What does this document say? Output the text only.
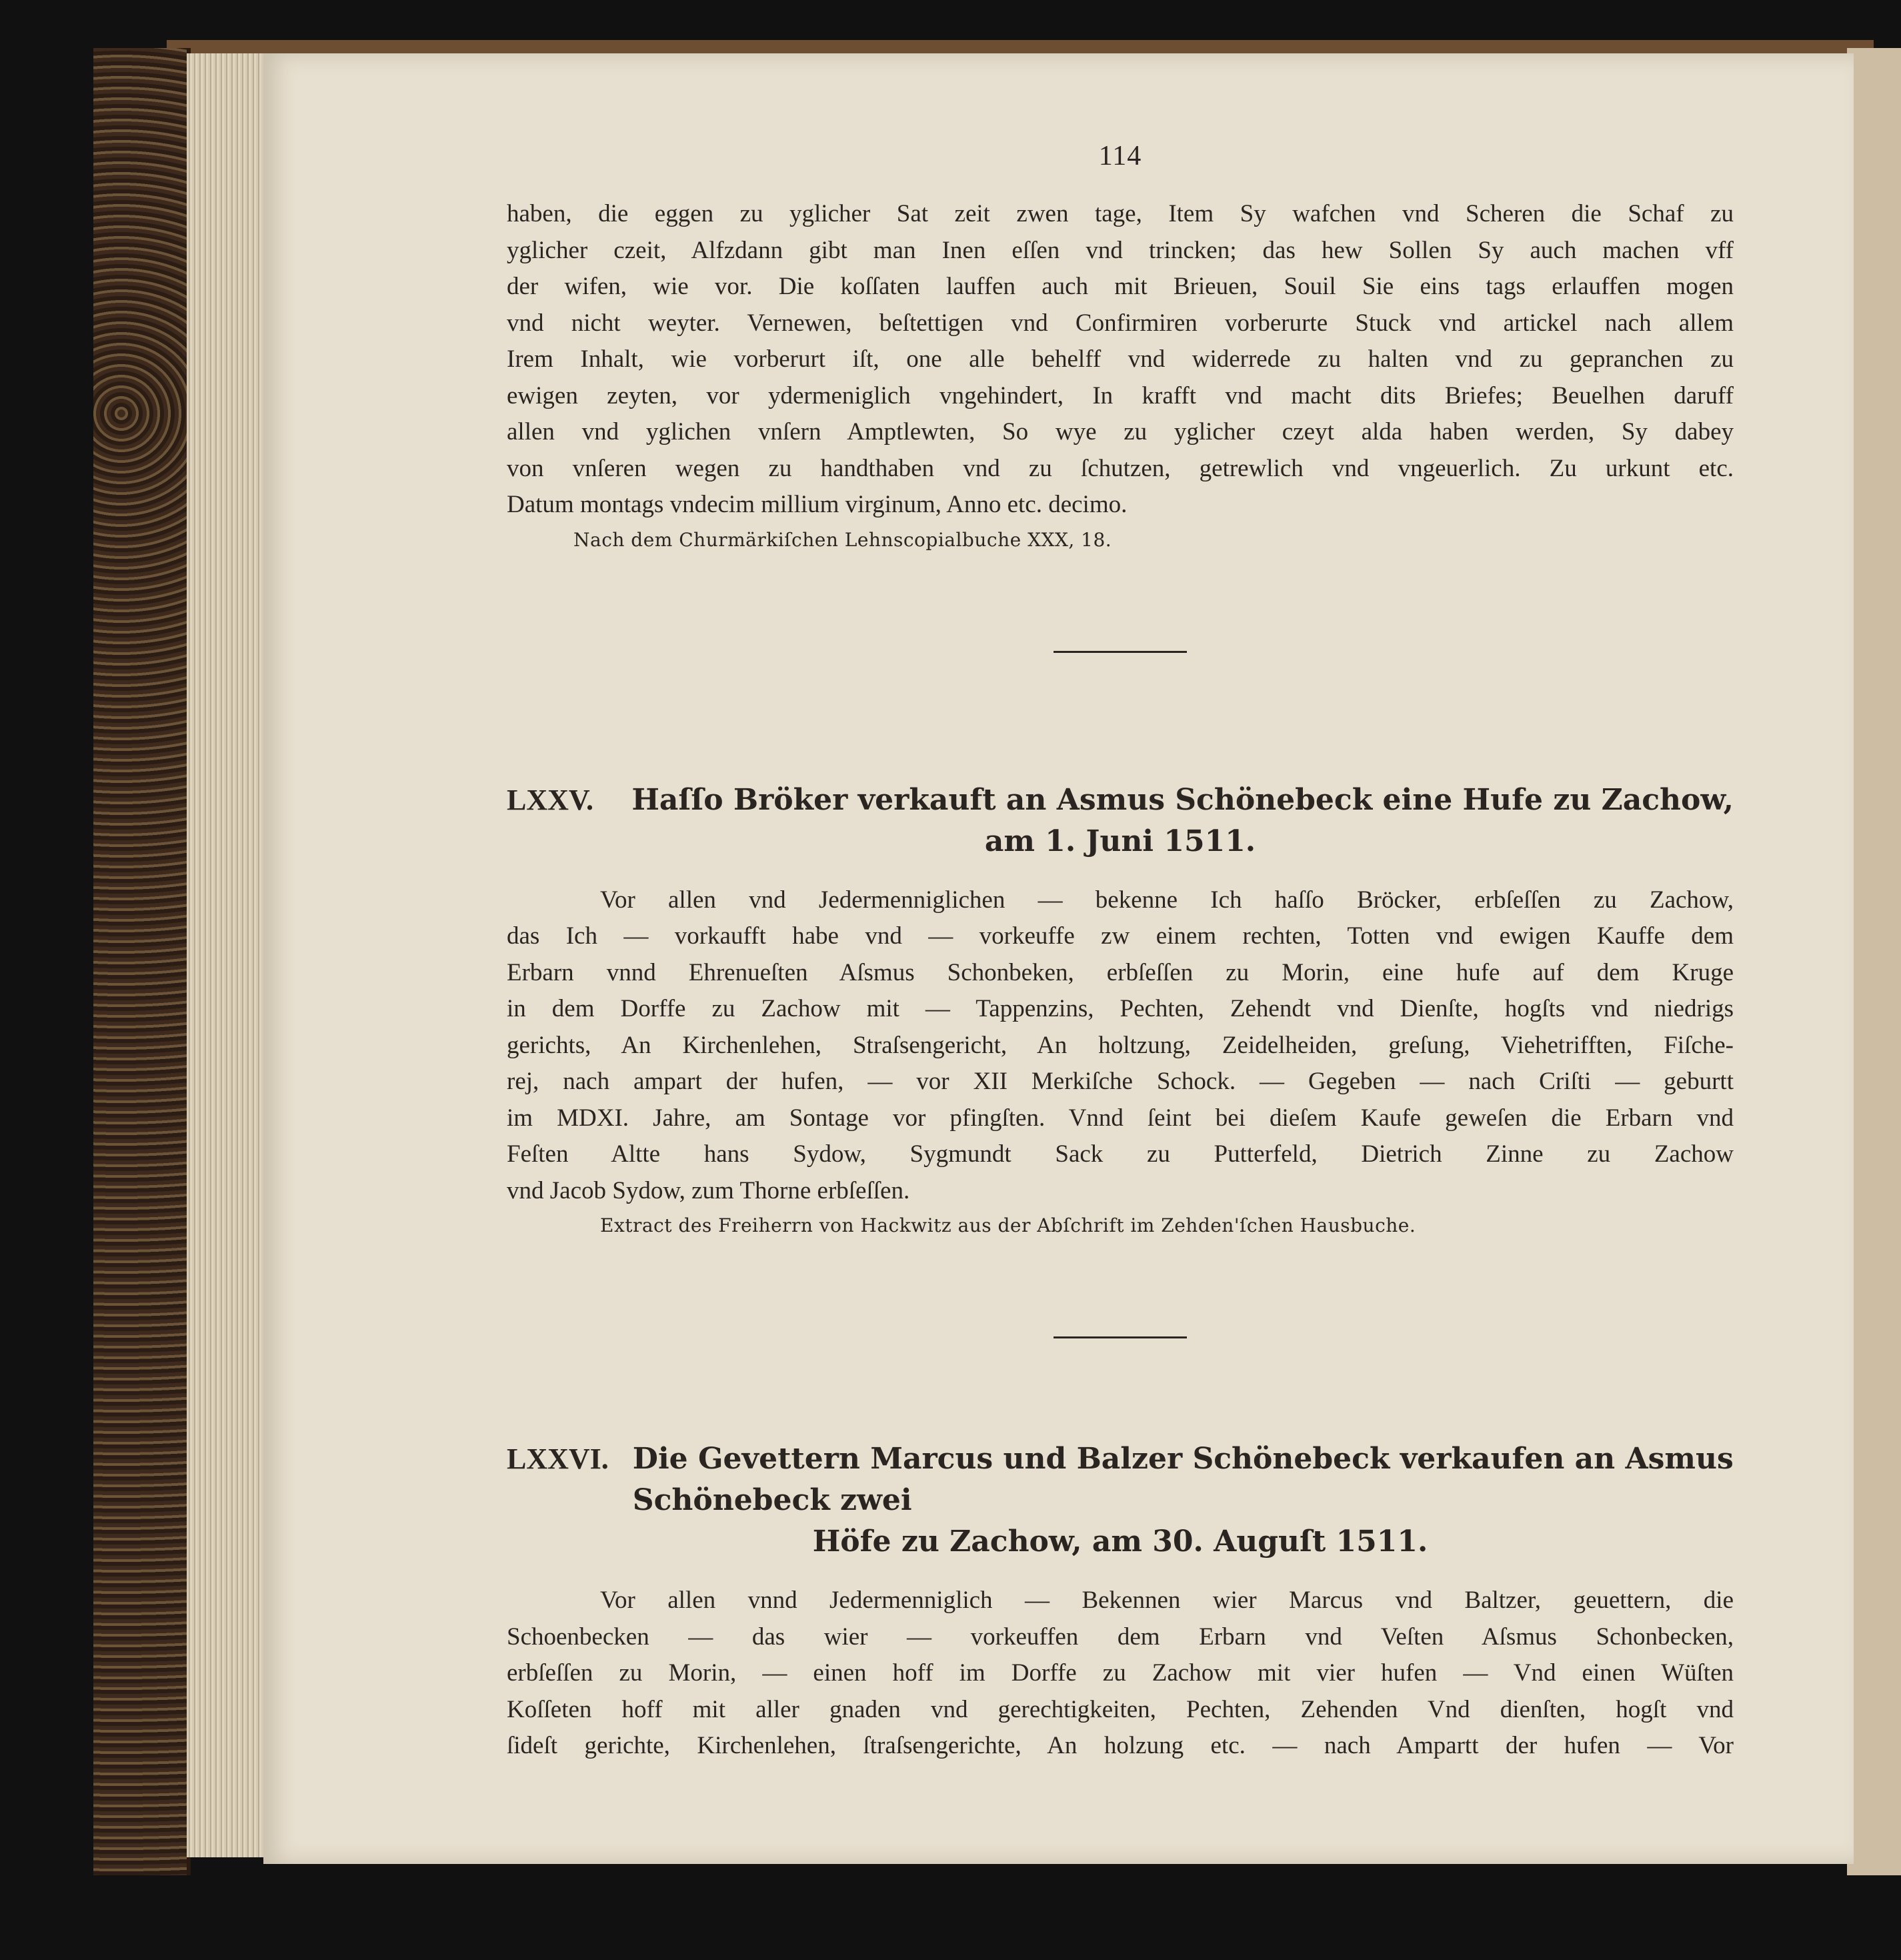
114
haben, die eggen zu yglicher Sat zeit zwen tage, Item Sy wafchen vnd Scheren die Schaf zu
yglicher czeit, Alfzdann gibt man Inen eſſen vnd trincken; das hew Sollen Sy auch machen vff
der wifen, wie vor. Die koſſaten lauffen auch mit Brieuen, Souil Sie eins tags erlauffen mogen
vnd nicht weyter. Vernewen, beſtettigen vnd Confirmiren vorberurte Stuck vnd artickel nach allem
Irem Inhalt, wie vorberurt iſt, one alle behelff vnd widerrede zu halten vnd zu gepranchen zu
ewigen zeyten, vor ydermeniglich vngehindert, In krafft vnd macht dits Briefes; Beuelhen daruff
allen vnd yglichen vnſern Amptlewten, So wye zu yglicher czeyt alda haben werden, Sy dabey
von vnſeren wegen zu handthaben vnd zu ſchutzen, getrewlich vnd vngeuerlich. Zu urkunt etc.
Datum montags vndecim millium virginum, Anno etc. decimo.
Nach dem Churmärkiſchen Lehnscopialbuche XXX, 18.
LXXV. Haſſo Bröker verkauft an Asmus Schönebeck eine Hufe zu Zachow,
am 1. Juni 1511.
Vor allen vnd Jedermenniglichen — bekenne Ich haſſo Bröcker, erbſeſſen zu Zachow,
das Ich — vorkaufft habe vnd — vorkeuffe zw einem rechten, Totten vnd ewigen Kauffe dem
Erbarn vnnd Ehrenueſten Aſsmus Schonbeken, erbſeſſen zu Morin, eine hufe auf dem Kruge
in dem Dorffe zu Zachow mit — Tappenzins, Pechten, Zehendt vnd Dienſte, hogſts vnd niedrigs
gerichts, An Kirchenlehen, Straſsengericht, An holtzung, Zeidelheiden, greſung, Viehetrifften, Fiſche-
rej, nach ampart der hufen, — vor XII Merkiſche Schock. — Gegeben — nach Criſti — geburtt
im MDXI. Jahre, am Sontage vor pfingſten. Vnnd ſeint bei dieſem Kaufe geweſen die Erbarn vnd
Feſten Altte hans Sydow, Sygmundt Sack zu Putterfeld, Dietrich Zinne zu Zachow
vnd Jacob Sydow, zum Thorne erbſeſſen.
Extract des Freiherrn von Hackwitz aus der Abſchrift im Zehden'ſchen Hausbuche.
LXXVI. Die Gevettern Marcus und Balzer Schönebeck verkaufen an Asmus Schönebeck zwei
Höfe zu Zachow, am 30. Auguſt 1511.
Vor allen vnnd Jedermenniglich — Bekennen wier Marcus vnd Baltzer, geuettern, die
Schoenbecken — das wier — vorkeuffen dem Erbarn vnd Veſten Aſsmus Schonbecken,
erbſeſſen zu Morin, — einen hoff im Dorffe zu Zachow mit vier hufen — Vnd einen Wüſten
Koſſeten hoff mit aller gnaden vnd gerechtigkeiten, Pechten, Zehenden Vnd dienſten, hogſt vnd
ſideſt gerichte, Kirchenlehen, ſtraſsengerichte, An holzung etc. — nach Ampartt der hufen — Vor
